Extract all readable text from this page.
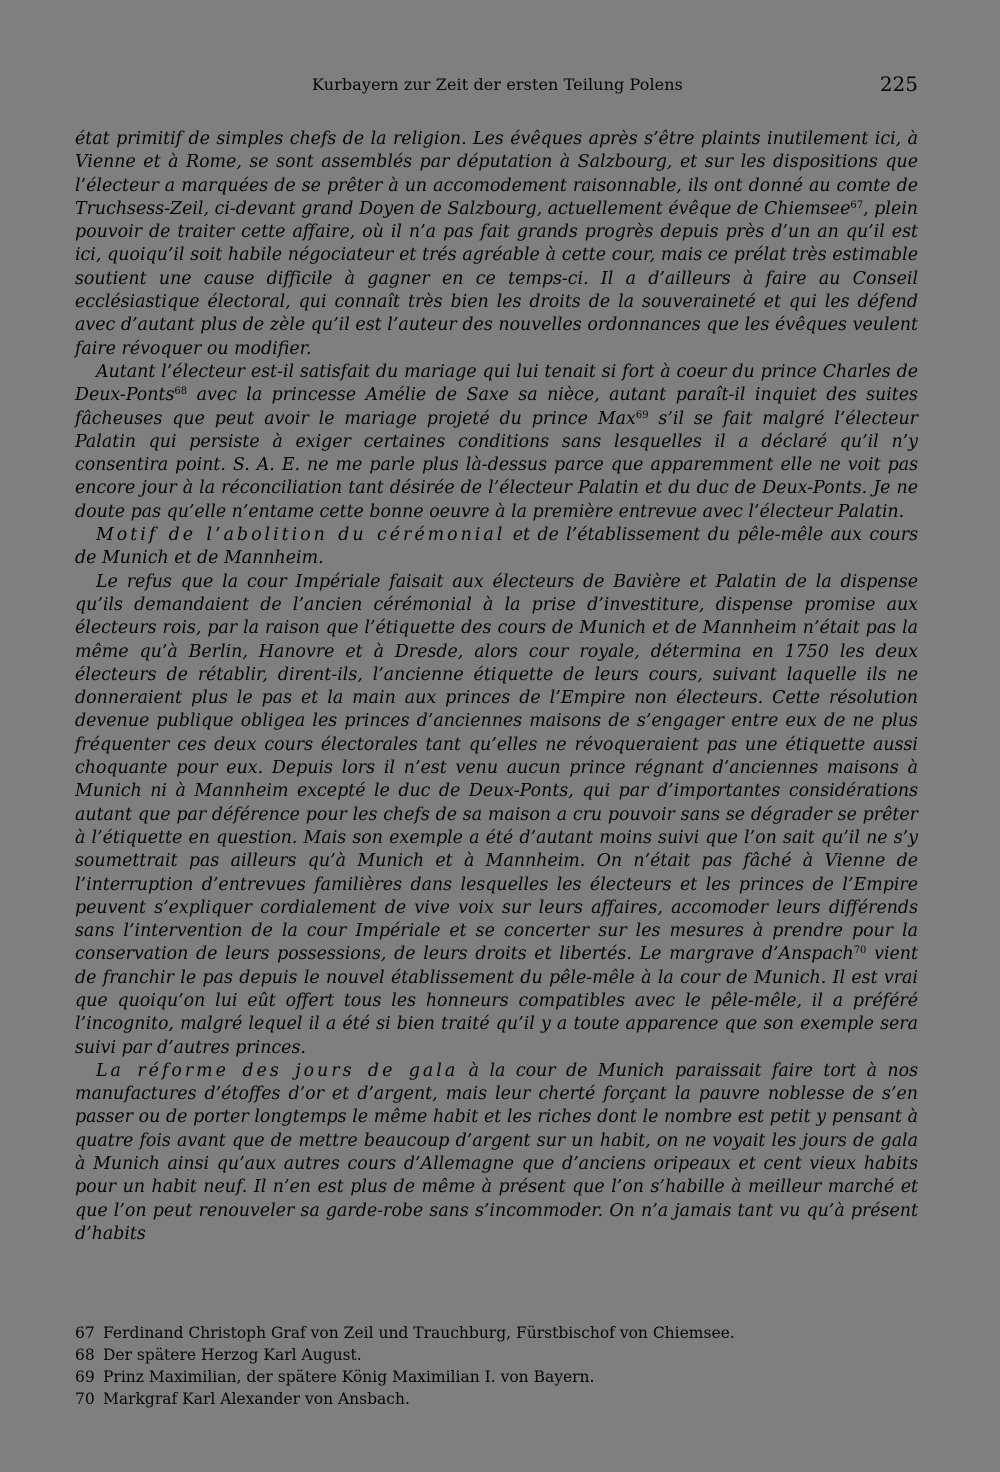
Kurbayern zur Zeit der ersten Teilung Polens	225

état primitif de simples chefs de la religion. Les évêques après s’être plaints inutilement ici, à Vienne et à Rome, se sont assemblés par députation à Salzbourg, et sur les dispositions que l’électeur a marquées de se prêter à un accomodement raisonnable, ils ont donné au comte de Truchsess-Zeil, ci-devant grand Doyen de Salzbourg, actuellement évêque de Chiemsee$^{67}$, plein pouvoir de traiter cette affaire, où il n’a pas fait grands progrès depuis près d’un an qu’il est ici, quoiqu’il soit habile négociateur et trés agréable à cette cour, mais ce prélat très estimable soutient une cause difficile à gagner en ce temps-ci. Il a d’ailleurs à faire au Conseil ecclésiastique électoral, qui connaît très bien les droits de la souveraineté et qui les défend avec d’autant plus de zèle qu’il est l’auteur des nouvelles ordonnances que les évêques veulent faire révoquer ou modifier.

Autant l’électeur est-il satisfait du mariage qui lui tenait si fort à coeur du prince Charles de Deux-Ponts$^{68}$ avec la princesse Amélie de Saxe sa nièce, autant paraît-il inquiet des suites fâcheuses que peut avoir le mariage projeté du prince Max$^{69}$ s’il se fait malgré l’électeur Palatin qui persiste à exiger certaines conditions sans lesquelles il a déclaré qu’il n’y consentira point. S. A. E. ne me parle plus là-dessus parce que apparemment elle ne voit pas encore jour à la réconciliation tant désirée de l’électeur Palatin et du duc de Deux-Ponts. Je ne doute pas qu’elle n’entame cette bonne oeuvre à la première entrevue avec l’électeur Palatin.

Motif de l’abolition du cérémonial et de l’établissement du pêle-mêle aux cours de Munich et de Mannheim.

Le refus que la cour Impériale faisait aux électeurs de Bavière et Palatin de la dispense qu’ils demandaient de l’ancien cérémonial à la prise d’investiture, dispense promise aux électeurs rois, par la raison que l’étiquette des cours de Munich et de Mannheim n’était pas la même qu’à Berlin, Hanovre et à Dresde, alors cour royale, détermina en 1750 les deux électeurs de rétablir, dirent-ils, l’ancienne étiquette de leurs cours, suivant laquelle ils ne donneraient plus le pas et la main aux princes de l’Empire non électeurs. Cette résolution devenue publique obligea les princes d’anciennes maisons de s’engager entre eux de ne plus fréquenter ces deux cours électorales tant qu’elles ne révoqueraient pas une étiquette aussi choquante pour eux. Depuis lors il n’est venu aucun prince régnant d’anciennes maisons à Munich ni à Mannheim excepté le duc de Deux-Ponts, qui par d’importantes considérations autant que par déférence pour les chefs de sa maison a cru pouvoir sans se dégrader se prêter à l’étiquette en question. Mais son exemple a été d’autant moins suivi que l’on sait qu’il ne s’y soumettrait pas ailleurs qu’à Munich et à Mannheim. On n’était pas fâché à Vienne de l’interruption d’entrevues familières dans lesquelles les électeurs et les princes de l’Empire peuvent s’expliquer cordialement de vive voix sur leurs affaires, accomoder leurs différends sans l’intervention de la cour Impériale et se concerter sur les mesures à prendre pour la conservation de leurs possessions, de leurs droits et libertés. Le margrave d’Anspach$^{70}$ vient de franchir le pas depuis le nouvel établissement du pêle-mêle à la cour de Munich. Il est vrai que quoiqu’on lui eût offert tous les honneurs compatibles avec le pêle-mêle, il a préféré l’incognito, malgré lequel il a été si bien traité qu’il y a toute apparence que son exemple sera suivi par d’autres princes.

La réforme des jours de gala à la cour de Munich paraissait faire tort à nos manufactures d’étoffes d’or et d’argent, mais leur cherté forçant la pauvre noblesse de s’en passer ou de porter longtemps le même habit et les riches dont le nombre est petit y pensant à quatre fois avant que de mettre beaucoup d’argent sur un habit, on ne voyait les jours de gala à Munich ainsi qu’aux autres cours d’Allemagne que d’anciens oripeaux et cent vieux habits pour un habit neuf. Il n’en est plus de même à présent que l’on s’habille à meilleur marché et que l’on peut renouveler sa garde-robe sans s’incommoder. On n’a jamais tant vu qu’à présent d’habits

67 Ferdinand Christoph Graf von Zeil und Trauchburg, Fürstbischof von Chiemsee.
68 Der spätere Herzog Karl August.
69 Prinz Maximilian, der spätere König Maximilian I. von Bayern.
70 Markgraf Karl Alexander von Ansbach.
